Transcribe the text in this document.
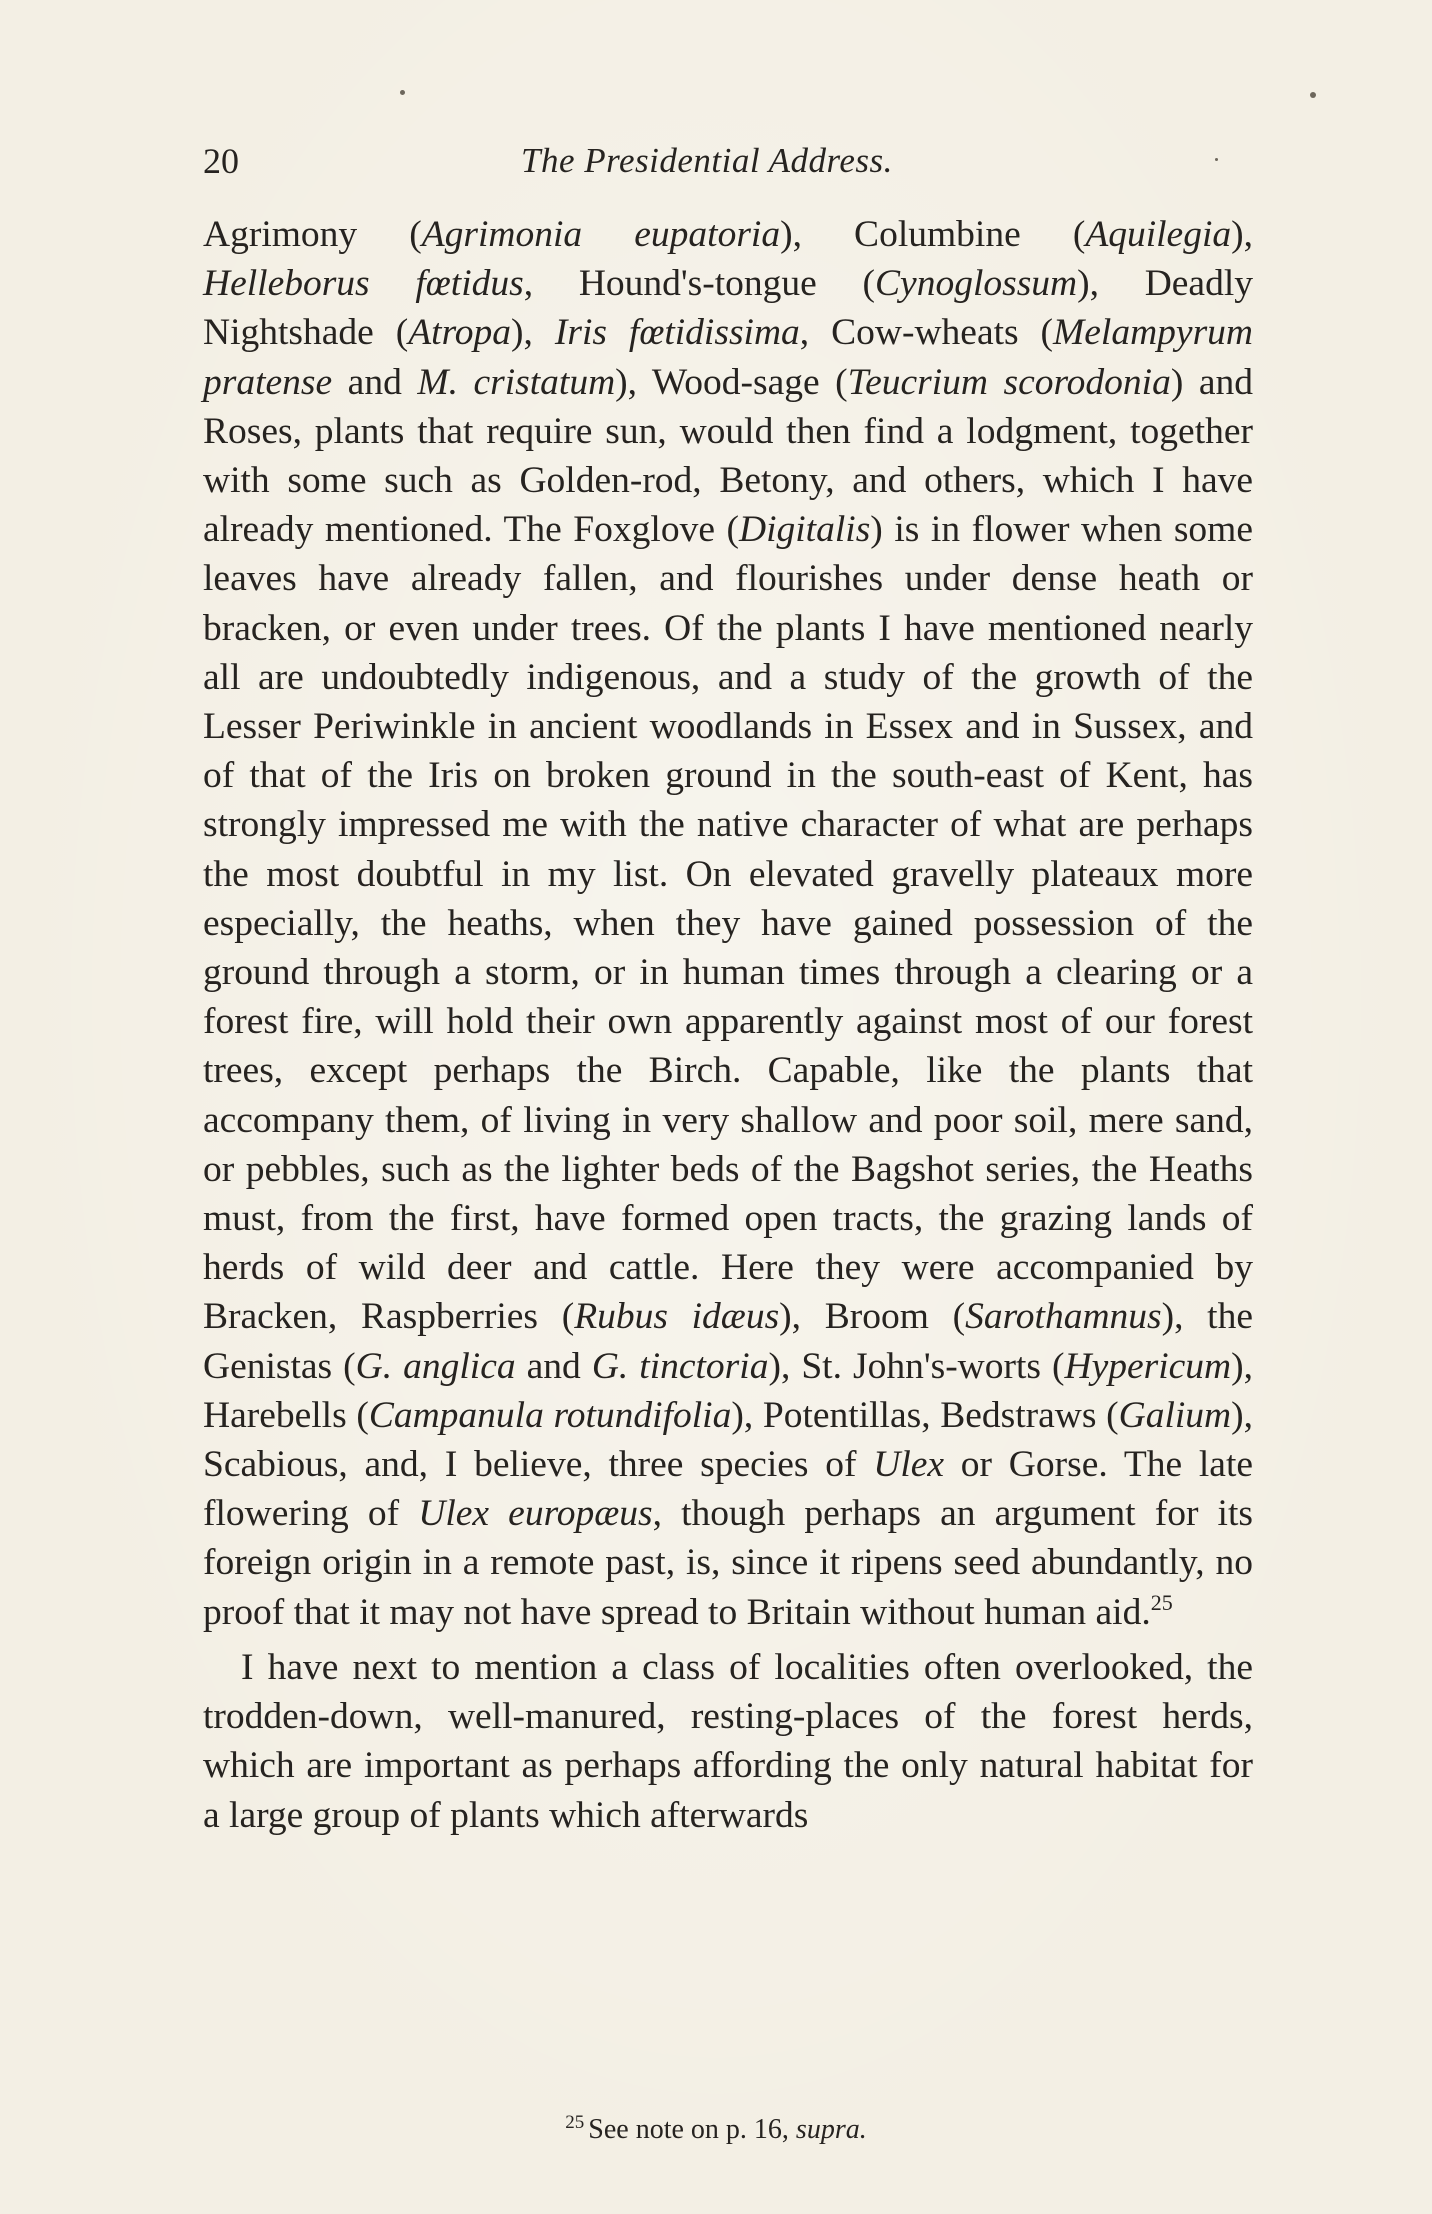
20	The Presidential Address.

Agrimony (Agrimonia eupatoria), Columbine (Aquilegia), Helleborus fœtidus, Hound's-tongue (Cynoglossum), Deadly Nightshade (Atropa), Iris fœtidissima, Cow-wheats (Melampyrum pratense and M. cristatum), Wood-sage (Teucrium scorodonia) and Roses, plants that require sun, would then find a lodgment, together with some such as Golden-rod, Betony, and others, which I have already mentioned. The Foxglove (Digitalis) is in flower when some leaves have already fallen, and flourishes under dense heath or bracken, or even under trees. Of the plants I have mentioned nearly all are undoubtedly indigenous, and a study of the growth of the Lesser Periwinkle in ancient woodlands in Essex and in Sussex, and of that of the Iris on broken ground in the south-east of Kent, has strongly impressed me with the native character of what are perhaps the most doubtful in my list. On elevated gravelly plateaux more especially, the heaths, when they have gained possession of the ground through a storm, or in human times through a clearing or a forest fire, will hold their own apparently against most of our forest trees, except perhaps the Birch. Capable, like the plants that accompany them, of living in very shallow and poor soil, mere sand, or pebbles, such as the lighter beds of the Bagshot series, the Heaths must, from the first, have formed open tracts, the grazing lands of herds of wild deer and cattle. Here they were accompanied by Bracken, Raspberries (Rubus idæus), Broom (Sarothamnus), the Genistas (G. anglica and G. tinctoria), St. John's-worts (Hypericum), Harebells (Campanula rotundifolia), Potentillas, Bedstraws (Galium), Scabious, and, I believe, three species of Ulex or Gorse. The late flowering of Ulex europæus, though perhaps an argument for its foreign origin in a remote past, is, since it ripens seed abundantly, no proof that it may not have spread to Britain without human aid.$^{25}$

I have next to mention a class of localities often overlooked, the trodden-down, well-manured, resting-places of the forest herds, which are important as perhaps affording the only natural habitat for a large group of plants which afterwards

$^{25}$ See note on p. 16, supra.
